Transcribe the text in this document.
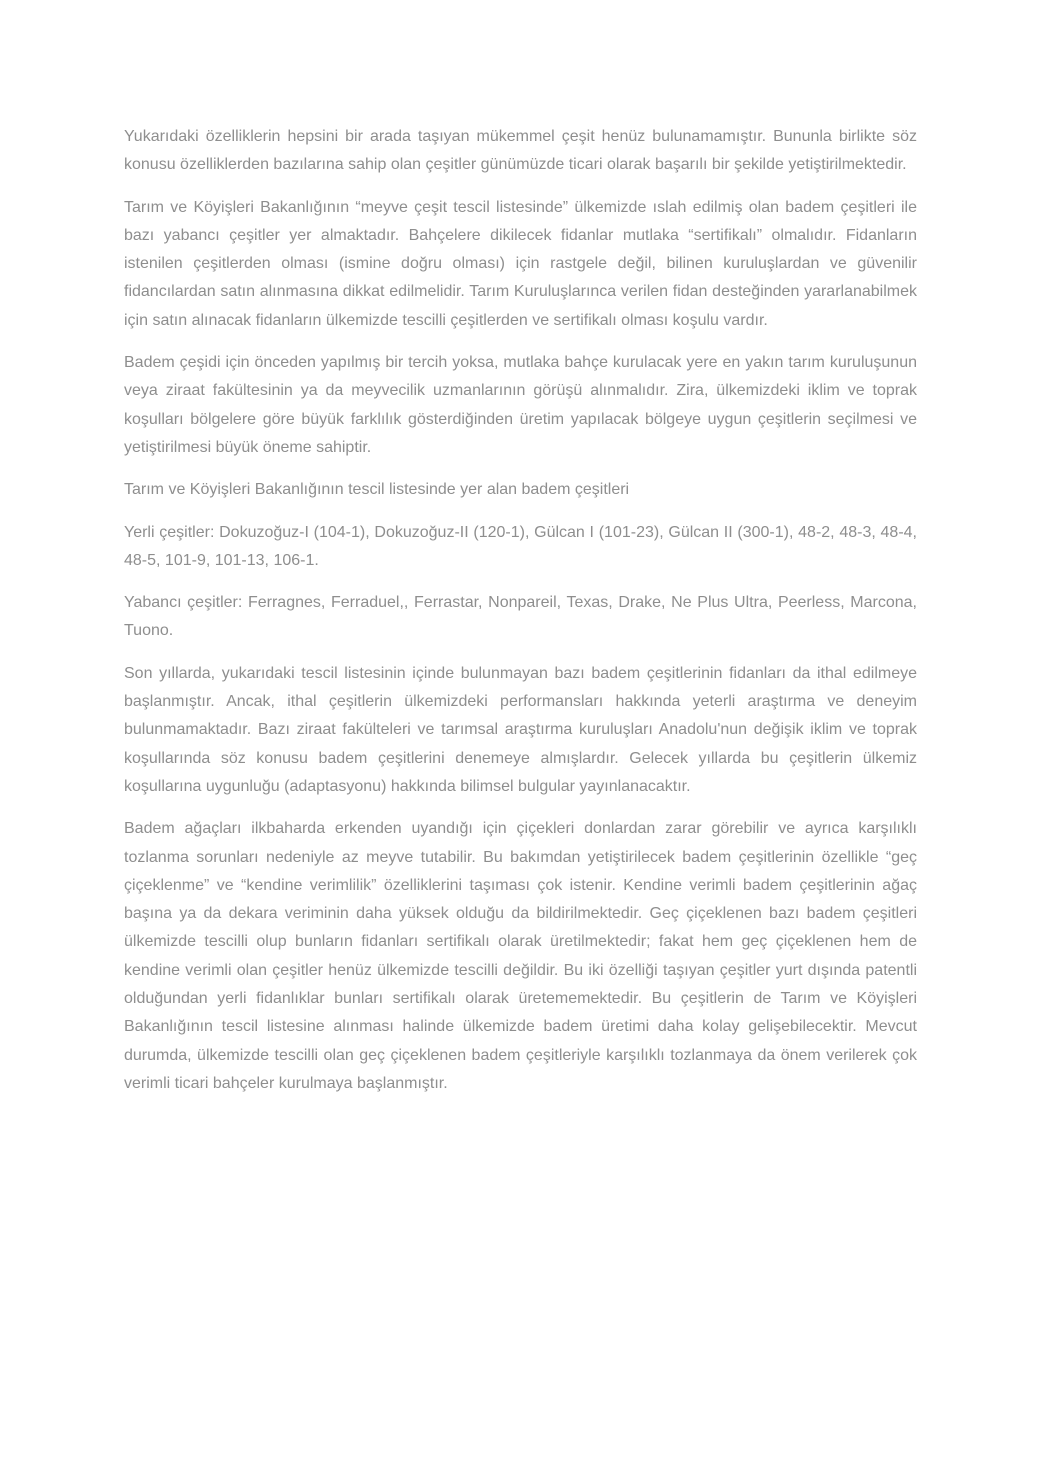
Yukarıdaki özelliklerin hepsini bir arada taşıyan mükemmel çeşit henüz bulunamamıştır. Bununla birlikte söz konusu özelliklerden bazılarına sahip olan çeşitler günümüzde ticari olarak başarılı bir şekilde yetiştirilmektedir.

Tarım ve Köyişleri Bakanlığının “meyve çeşit tescil listesinde” ülkemizde ıslah edilmiş olan badem çeşitleri ile bazı yabancı çeşitler yer almaktadır. Bahçelere dikilecek fidanlar mutlaka “sertifikalı” olmalıdır. Fidanların istenilen çeşitlerden olması (ismine doğru olması) için rastgele değil, bilinen kuruluşlardan ve güvenilir fidancılardan satın alınmasına dikkat edilmelidir. Tarım Kuruluşlarınca verilen fidan desteğinden yararlanabilmek için satın alınacak fidanların ülkemizde tescilli çeşitlerden ve sertifikalı olması koşulu vardır.

Badem çeşidi için önceden yapılmış bir tercih yoksa, mutlaka bahçe kurulacak yere en yakın tarım kuruluşunun veya ziraat fakültesinin ya da meyvecilik uzmanlarının görüşü alınmalıdır. Zira, ülkemizdeki iklim ve toprak koşulları bölgelere göre büyük farklılık gösterdiğinden üretim yapılacak bölgeye uygun çeşitlerin seçilmesi ve yetiştirilmesi büyük öneme sahiptir.

Tarım ve Köyişleri Bakanlığının tescil listesinde yer alan badem çeşitleri

Yerli çeşitler: Dokuzoğuz-I (104-1), Dokuzoğuz-II (120-1), Gülcan I (101-23), Gülcan II (300-1), 48-2, 48-3, 48-4, 48-5, 101-9, 101-13, 106-1.

Yabancı çeşitler: Ferragnes, Ferraduel,, Ferrastar, Nonpareil, Texas, Drake, Ne Plus Ultra, Peerless, Marcona, Tuono.

Son yıllarda, yukarıdaki tescil listesinin içinde bulunmayan bazı badem çeşitlerinin fidanları da ithal edilmeye başlanmıştır. Ancak, ithal çeşitlerin ülkemizdeki performansları hakkında yeterli araştırma ve deneyim bulunmamaktadır. Bazı ziraat fakülteleri ve tarımsal araştırma kuruluşları Anadolu'nun değişik iklim ve toprak koşullarında söz konusu badem çeşitlerini denemeye almışlardır. Gelecek yıllarda bu çeşitlerin ülkemiz koşullarına uygunluğu (adaptasyonu) hakkında bilimsel bulgular yayınlanacaktır.

Badem ağaçları ilkbaharda erkenden uyandığı için çiçekleri donlardan zarar görebilir ve ayrıca karşılıklı tozlanma sorunları nedeniyle az meyve tutabilir. Bu bakımdan yetiştirilecek badem çeşitlerinin özellikle “geç çiçeklenme” ve “kendine verimlilik” özelliklerini taşıması çok istenir. Kendine verimli badem çeşitlerinin ağaç başına ya da dekara veriminin daha yüksek olduğu da bildirilmektedir. Geç çiçeklenen bazı badem çeşitleri ülkemizde tescilli olup bunların fidanları sertifikalı olarak üretilmektedir; fakat hem geç çiçeklenen hem de kendine verimli olan çeşitler henüz ülkemizde tescilli değildir. Bu iki özelliği taşıyan çeşitler yurt dışında patentli olduğundan yerli fidanlıklar bunları sertifikalı olarak üretememektedir. Bu çeşitlerin de Tarım ve Köyişleri Bakanlığının tescil listesine alınması halinde ülkemizde badem üretimi daha kolay gelişebilecektir. Mevcut durumda, ülkemizde tescilli olan geç çiçeklenen badem çeşitleriyle karşılıklı tozlanmaya da önem verilerek çok verimli ticari bahçeler kurulmaya başlanmıştır.
